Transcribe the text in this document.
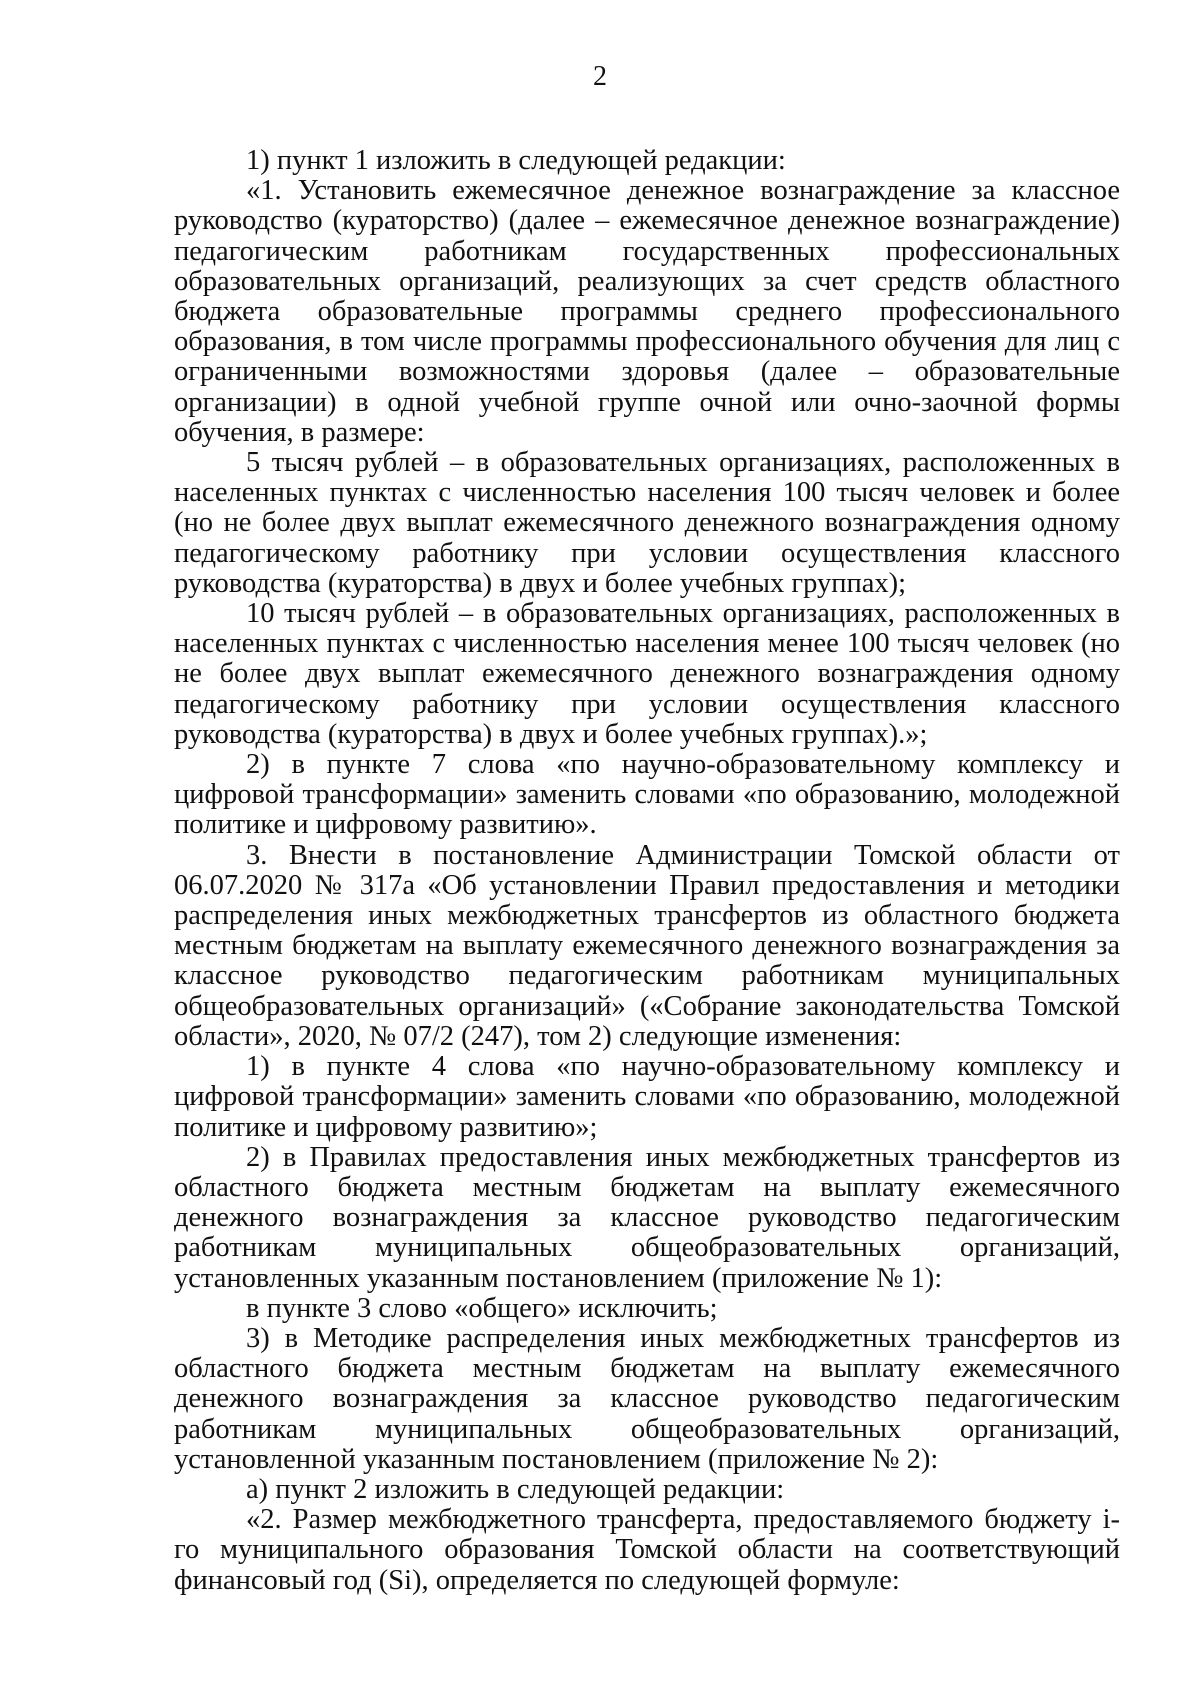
2

1) пункт 1 изложить в следующей редакции:

«1. Установить ежемесячное денежное вознаграждение за классное руководство (кураторство) (далее – ежемесячное денежное вознаграждение) педагогическим работникам государственных профессиональных образовательных организаций, реализующих за счет средств областного бюджета образовательные программы среднего профессионального образования, в том числе программы профессионального обучения для лиц с ограниченными возможностями здоровья (далее – образовательные организации) в одной учебной группе очной или очно-заочной формы обучения, в размере:

5 тысяч рублей – в образовательных организациях, расположенных в населенных пунктах с численностью населения 100 тысяч человек и более (но не более двух выплат ежемесячного денежного вознаграждения одному педагогическому работнику при условии осуществления классного руководства (кураторства) в двух и более учебных группах);

10 тысяч рублей – в образовательных организациях, расположенных в населенных пунктах с численностью населения менее 100 тысяч человек (но не более двух выплат ежемесячного денежного вознаграждения одному педагогическому работнику при условии осуществления классного руководства (кураторства) в двух и более учебных группах).»;

2) в пункте 7 слова «по научно-образовательному комплексу и цифровой трансформации» заменить словами «по образованию, молодежной политике и цифровому развитию».

3. Внести в постановление Администрации Томской области от 06.07.2020 № 317а «Об установлении Правил предоставления и методики распределения иных межбюджетных трансфертов из областного бюджета местным бюджетам на выплату ежемесячного денежного вознаграждения за классное руководство педагогическим работникам муниципальных общеобразовательных организаций» («Собрание законодательства Томской области», 2020, № 07/2 (247), том 2) следующие изменения:

1) в пункте 4 слова «по научно-образовательному комплексу и цифровой трансформации» заменить словами «по образованию, молодежной политике и цифровому развитию»;

2) в Правилах предоставления иных межбюджетных трансфертов из областного бюджета местным бюджетам на выплату ежемесячного денежного вознаграждения за классное руководство педагогическим работникам муниципальных общеобразовательных организаций, установленных указанным постановлением (приложение № 1):

в пункте 3 слово «общего» исключить;

3) в Методике распределения иных межбюджетных трансфертов из областного бюджета местным бюджетам на выплату ежемесячного денежного вознаграждения за классное руководство педагогическим работникам муниципальных общеобразовательных организаций, установленной указанным постановлением (приложение № 2):

а) пункт 2 изложить в следующей редакции:

«2. Размер межбюджетного трансферта, предоставляемого бюджету i-го муниципального образования Томской области на соответствующий финансовый год (Si), определяется по следующей формуле:
